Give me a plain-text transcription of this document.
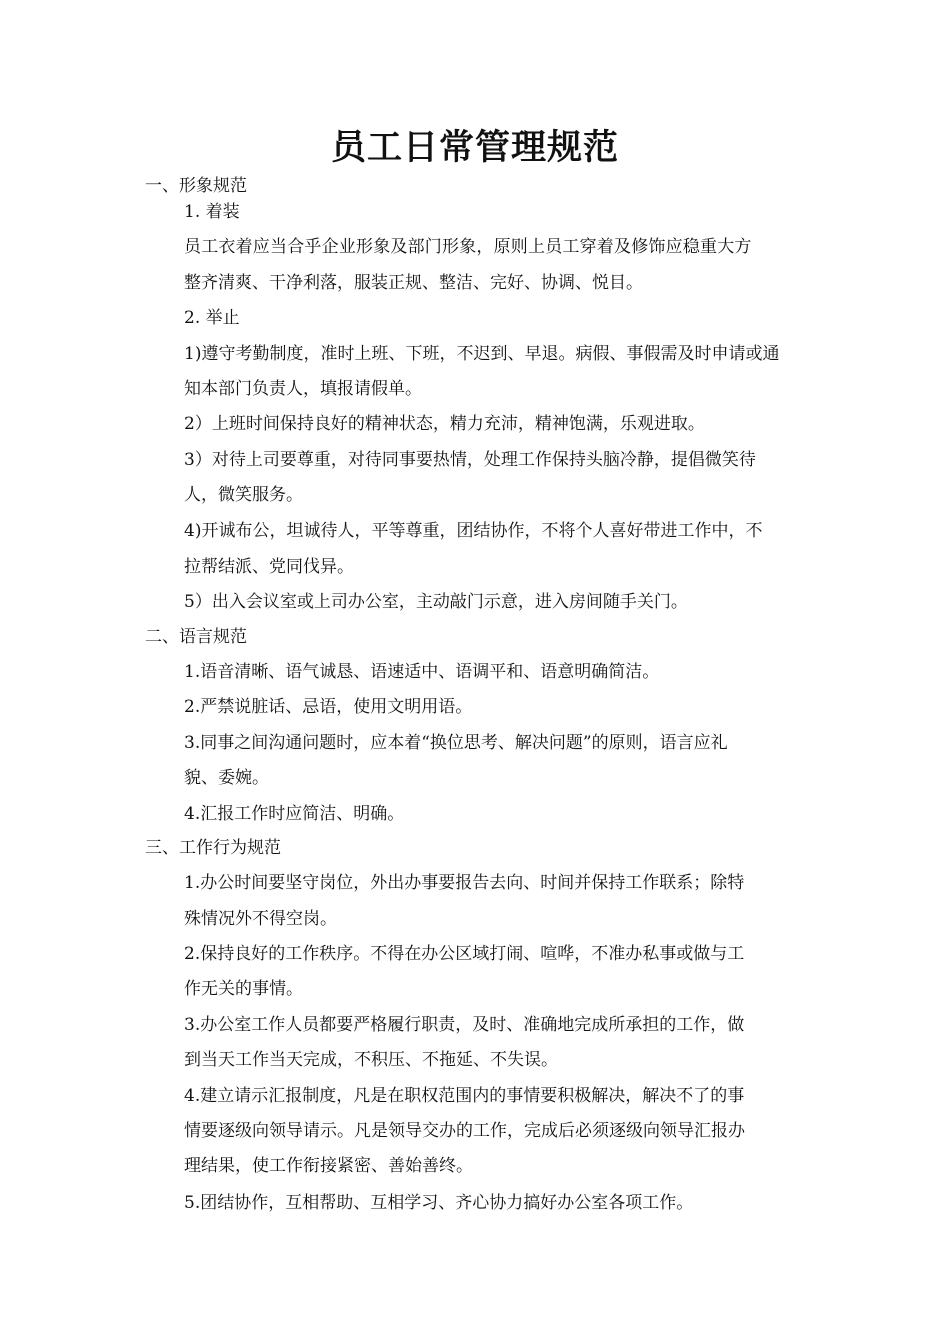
员工日常管理规范
一、形象规范
1. 着装
员工衣着应当合乎企业形象及部门形象，原则上员工穿着及修饰应稳重大方
整齐清爽、干净利落，服装正规、整洁、完好、协调、悦目。
2. 举止
1)遵守考勤制度，准时上班、下班，不迟到、早退。病假、事假需及时申请或通
知本部门负责人，填报请假单。
2）上班时间保持良好的精神状态，精力充沛，精神饱满，乐观进取。
3）对待上司要尊重，对待同事要热情，处理工作保持头脑冷静，提倡微笑待
人，微笑服务。
4)开诚布公，坦诚待人，平等尊重，团结协作，不将个人喜好带进工作中，不
拉帮结派、党同伐异。
5）出入会议室或上司办公室，主动敲门示意，进入房间随手关门。
二、语言规范
1.语音清晰、语气诚恳、语速适中、语调平和、语意明确简洁。
2.严禁说脏话、忌语，使用文明用语。
3.同事之间沟通问题时，应本着“换位思考、解决问题”的原则，语言应礼
貌、委婉。
4.汇报工作时应简洁、明确。
三、工作行为规范
1.办公时间要坚守岗位，外出办事要报告去向、时间并保持工作联系；除特
殊情况外不得空岗。
2.保持良好的工作秩序。不得在办公区域打闹、喧哗，不准办私事或做与工
作无关的事情。
3.办公室工作人员都要严格履行职责，及时、准确地完成所承担的工作，做
到当天工作当天完成，不积压、不拖延、不失误。
4.建立请示汇报制度，凡是在职权范围内的事情要积极解决，解决不了的事
情要逐级向领导请示。凡是领导交办的工作，完成后必须逐级向领导汇报办
理结果，使工作衔接紧密、善始善终。
5.团结协作，互相帮助、互相学习、齐心协力搞好办公室各项工作。
